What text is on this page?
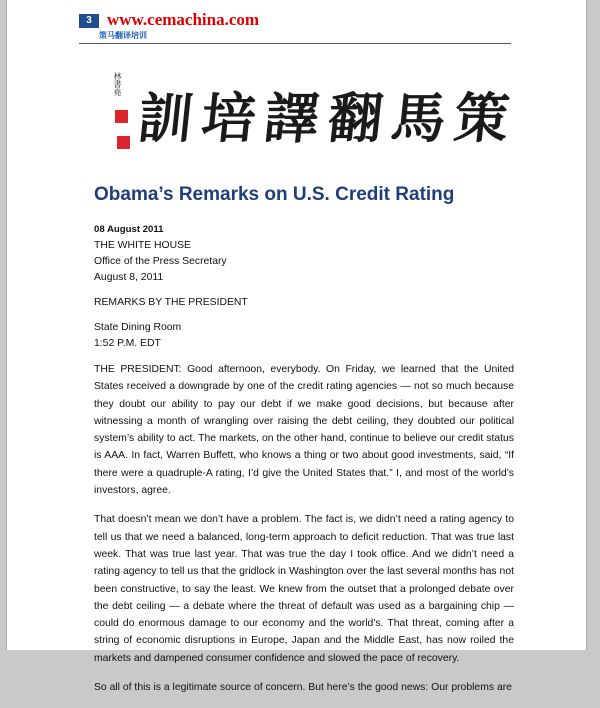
3 www.cemachina.com
策马翻译培训
林書堯
訓 培 譯 翻 馬 策
Obama’s Remarks on U.S. Credit Rating
08 August 2011
THE WHITE HOUSE
Office of the Press Secretary
August 8, 2011
REMARKS BY THE PRESIDENT
State Dining Room
1:52 P.M. EDT

THE PRESIDENT: Good afternoon, everybody. On Friday, we learned that the United States received a downgrade by one of the credit rating agencies — not so much because they doubt our ability to pay our debt if we make good decisions, but because after witnessing a month of wrangling over raising the debt ceiling, they doubted our political system’s ability to act. The markets, on the other hand, continue to believe our credit status is AAA. In fact, Warren Buffett, who knows a thing or two about good investments, said, “If there were a quadruple-A rating, I’d give the United States that.” I, and most of the world’s investors, agree.

That doesn’t mean we don’t have a problem. The fact is, we didn’t need a rating agency to tell us that we need a balanced, long-term approach to deficit reduction. That was true last week. That was true last year. That was true the day I took office. And we didn’t need a rating agency to tell us that the gridlock in Washington over the last several months has not been constructive, to say the least. We knew from the outset that a prolonged debate over the debt ceiling — a debate where the threat of default was used as a bargaining chip — could do enormous damage to our economy and the world’s. That threat, coming after a string of economic disruptions in Europe, Japan and the Middle East, has now roiled the markets and dampened consumer confidence and slowed the pace of recovery.

So all of this is a legitimate source of concern. But here’s the good news: Our problems are
